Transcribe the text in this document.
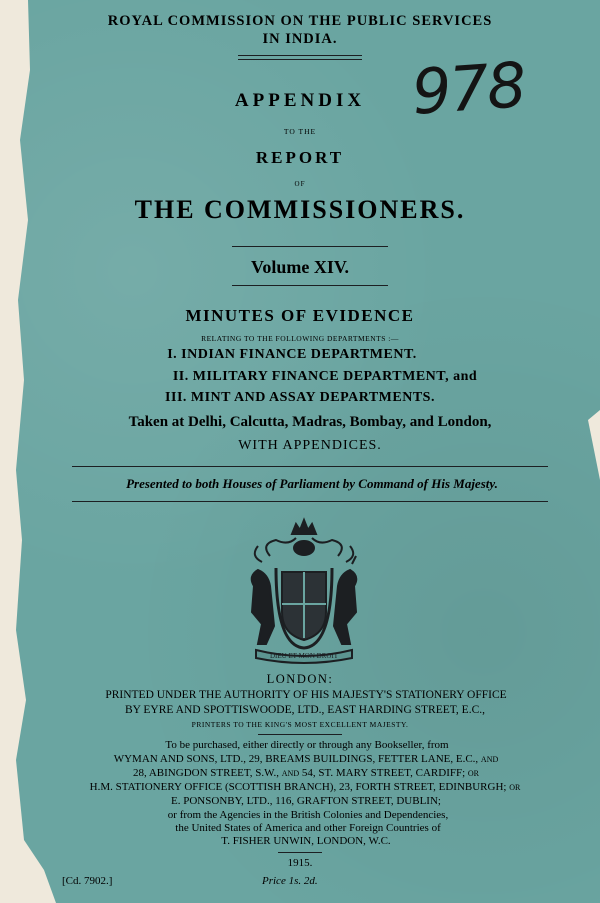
ROYAL COMMISSION ON THE PUBLIC SERVICES
IN INDIA.
978
APPENDIX
TO THE
REPORT
OF
THE COMMISSIONERS.
Volume XIV.
MINUTES OF EVIDENCE
RELATING TO THE FOLLOWING DEPARTMENTS :—
I. INDIAN FINANCE DEPARTMENT.
II. MILITARY FINANCE DEPARTMENT, and
III. MINT AND ASSAY DEPARTMENTS.
Taken at Delhi, Calcutta, Madras, Bombay, and London,
WITH APPENDICES.
Presented to both Houses of Parliament by Command of His Majesty.
DIEU ET MON DROIT
LONDON:
PRINTED UNDER THE AUTHORITY OF HIS MAJESTY'S STATIONERY OFFICE
BY EYRE AND SPOTTISWOODE, LTD., EAST HARDING STREET, E.C.,
PRINTERS TO THE KING'S MOST EXCELLENT MAJESTY.
To be purchased, either directly or through any Bookseller, from
WYMAN AND SONS, LTD., 29, BREAMS BUILDINGS, FETTER LANE, E.C., and
28, ABINGDON STREET, S.W., and 54, ST. MARY STREET, CARDIFF; or
H.M. STATIONERY OFFICE (SCOTTISH BRANCH), 23, FORTH STREET, EDINBURGH; or
E. PONSONBY, LTD., 116, GRAFTON STREET, DUBLIN;
or from the Agencies in the British Colonies and Dependencies,
the United States of America and other Foreign Countries of
T. FISHER UNWIN, LONDON, W.C.
1915.
[Cd. 7902.]	Price 1s. 2d.
